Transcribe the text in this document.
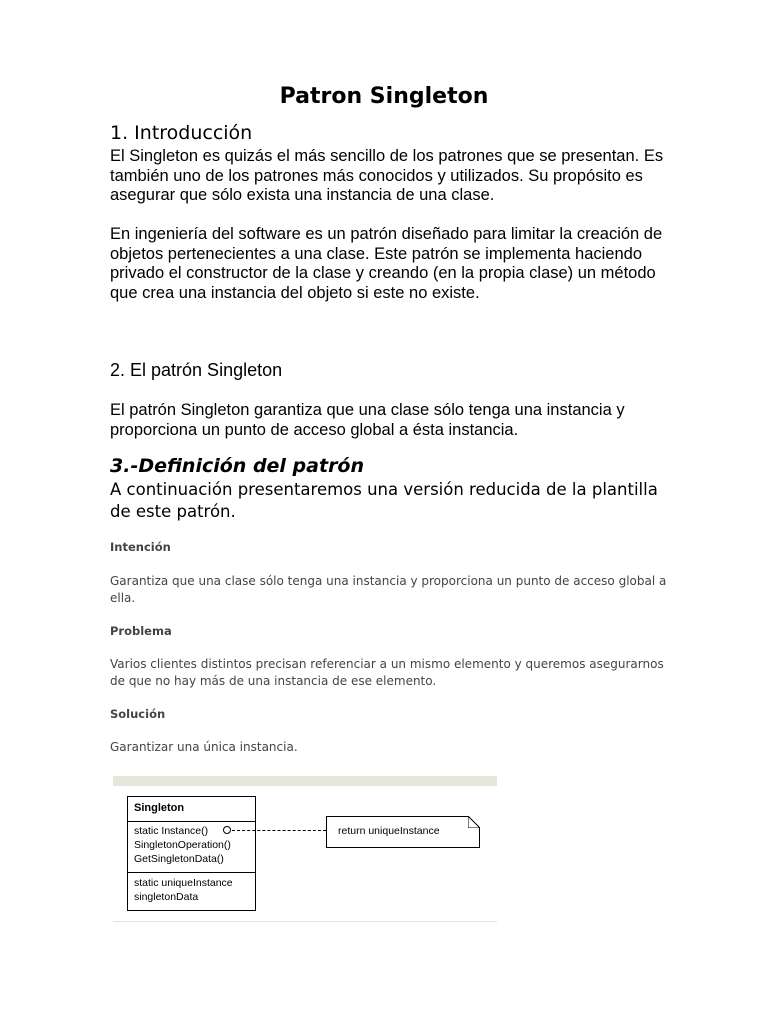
Patron Singleton
1. Introducción
El Singleton es quizás el más sencillo de los patrones que se presentan. Es también uno de los patrones más conocidos y utilizados. Su propósito es asegurar que sólo exista una instancia de una clase.
En ingeniería del software es un patrón diseñado para limitar la creación de objetos pertenecientes a una clase. Este patrón se implementa haciendo privado el constructor de la clase y creando (en la propia clase) un método que crea una instancia del objeto si este no existe.
2. El patrón Singleton
El patrón Singleton garantiza que una clase sólo tenga una instancia y proporciona un punto de acceso global a ésta instancia.
3.-Definición del patrón
A continuación presentaremos una versión reducida de la plantilla de este patrón.
Intención
Garantiza que una clase sólo tenga una instancia y proporciona un punto de acceso global a ella.
Problema
Varios clientes distintos precisan referenciar a un mismo elemento y queremos asegurarnos de que no hay más de una instancia de ese elemento.
Solución
Garantizar una única instancia.
Singleton
static Instance()
SingletonOperation()
GetSingletonData()
static uniqueInstance
singletonData
return uniqueInstance
